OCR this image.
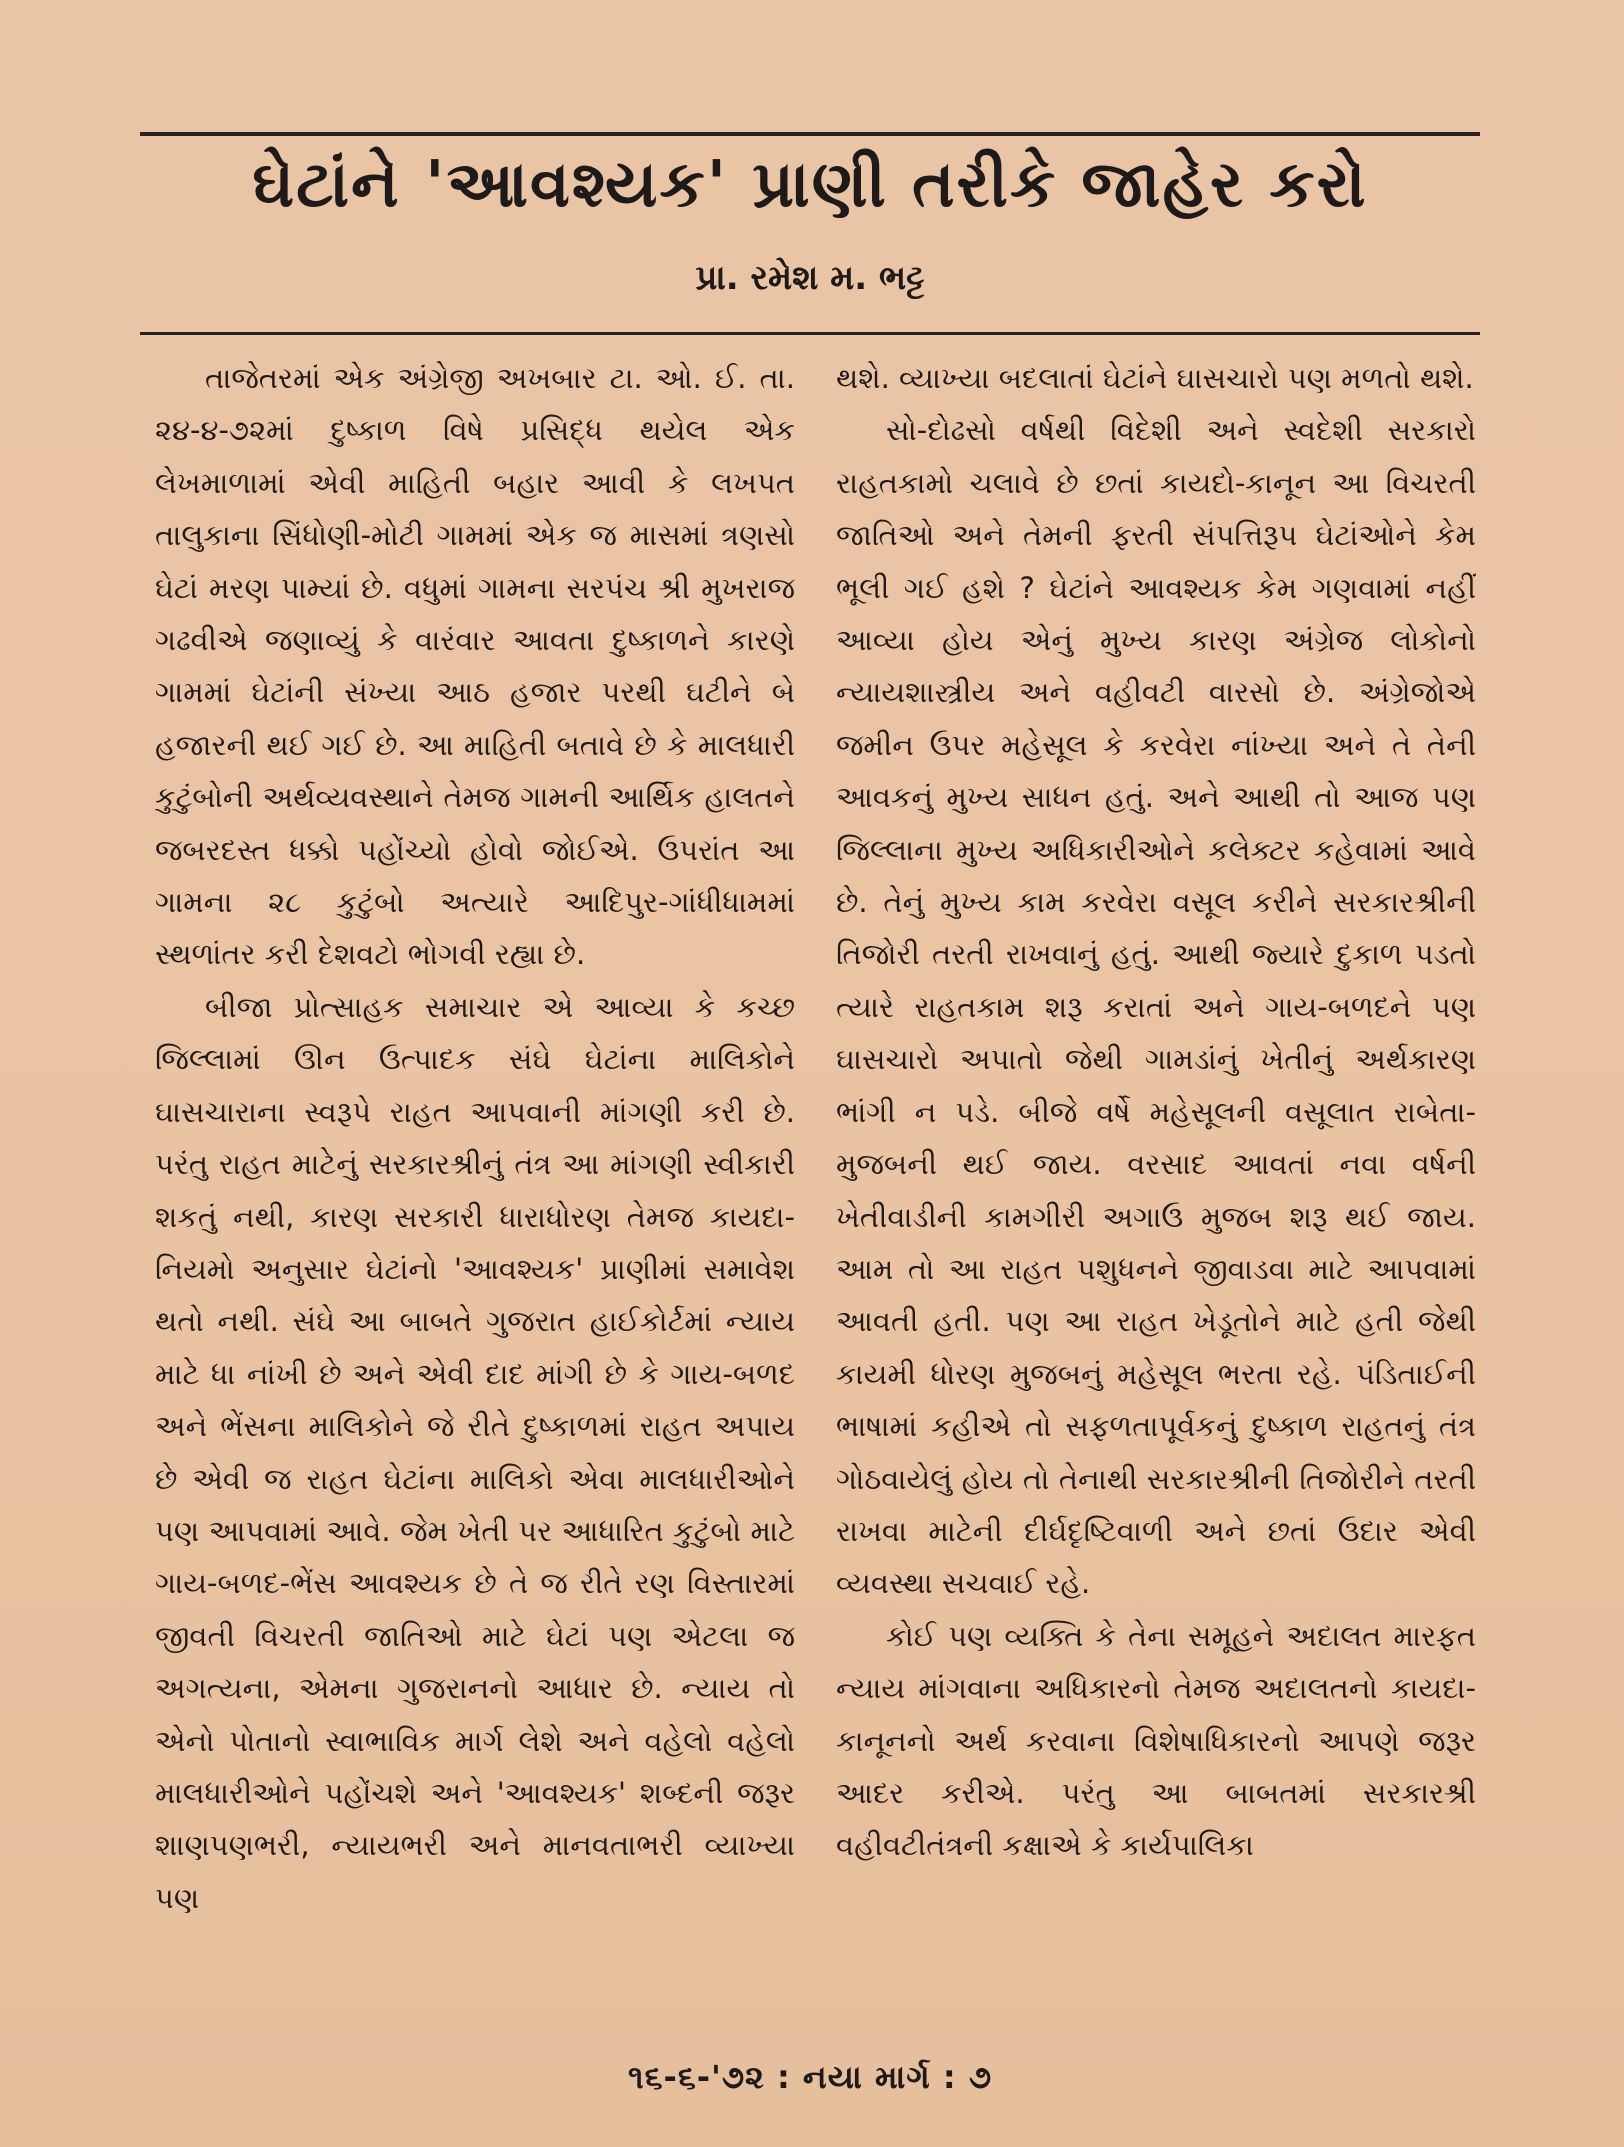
ઘેટાંને 'આવશ્યક' પ્રાણી તરીકે જાહેર કરો
પ્રા. રમેશ મ. ભટ્ટ

તાજેતરમાં એક અંગ્રેજી અખબાર ટા. ઓ. ઈ. તા. ૨૪-૪-૭૨માં દુષ્કાળ વિષે પ્રસિદ્ધ થયેલ એક લેખમાળામાં એવી માહિતી બહાર આવી કે લખપત તાલુકાના સિંધોણી-મોટી ગામમાં એક જ માસમાં ત્રણસો ઘેટાં મરણ પામ્યાં છે. વધુમાં ગામના સરપંચ શ્રી મુખરાજ ગઢવીએ જણાવ્યું કે વારંવાર આવતા દુષ્કાળને કારણે ગામમાં ઘેટાંની સંખ્યા આઠ હજાર પરથી ઘટીને બે હજારની થઈ ગઈ છે. આ માહિતી બતાવે છે કે માલધારી કુટુંબોની અર્થવ્યવસ્થાને તેમજ ગામની આર્થિક હાલતને જબરદસ્ત ધક્કો પહોંચ્યો હોવો જોઈએ. ઉપરાંત આ ગામના ૨૮ કુટુંબો અત્યારે આદિપુર-ગાંધીધામમાં સ્થળાંતર કરી દેશવટો ભોગવી રહ્યા છે.

બીજા પ્રોત્સાહક સમાચાર એ આવ્યા કે કચ્છ જિલ્લામાં ઊન ઉત્પાદક સંઘે ઘેટાંના માલિકોને ઘાસચારાના સ્વરૂપે રાહત આપવાની માંગણી કરી છે. પરંતુ રાહત માટેનું સરકારશ્રીનું તંત્ર આ માંગણી સ્વીકારી શકતું નથી, કારણ સરકારી ધારાધોરણ તેમજ કાયદા-નિયમો અનુસાર ઘેટાંનો 'આવશ્યક' પ્રાણીમાં સમાવેશ થતો નથી. સંઘે આ બાબતે ગુજરાત હાઈકોર્ટમાં ન્યાય માટે ધા નાંખી છે અને એવી દાદ માંગી છે કે ગાય-બળદ અને ભેંસના માલિકોને જે રીતે દુષ્કાળમાં રાહત અપાય છે એવી જ રાહત ઘેટાંના માલિકો એવા માલધારીઓને પણ આપવામાં આવે. જેમ ખેતી પર આધારિત કુટુંબો માટે ગાય-બળદ-ભેંસ આવશ્યક છે તે જ રીતે રણ વિસ્તારમાં જીવતી વિચરતી જાતિઓ માટે ઘેટાં પણ એટલા જ અગત્યના, એમના ગુજરાનનો આધાર છે. ન્યાય તો એનો પોતાનો સ્વાભાવિક માર્ગ લેશે અને વહેલો વહેલો માલધારીઓને પહોંચશે અને 'આવશ્યક' શબ્દની જરૂર શાણપણભરી, ન્યાયભરી અને માનવતાભરી વ્યાખ્યા પણ

થશે. વ્યાખ્યા બદલાતાં ઘેટાંને ઘાસચારો પણ મળતો થશે.

સો-દોઢસો વર્ષથી વિદેશી અને સ્વદેશી સરકારો રાહતકામો ચલાવે છે છતાં કાયદો-કાનૂન આ વિચરતી જાતિઓ અને તેમની ફરતી સંપત્તિરૂપ ઘેટાંઓને કેમ ભૂલી ગઈ હશે ? ઘેટાંને આવશ્યક કેમ ગણવામાં નહીં આવ્યા હોય એનું મુખ્ય કારણ અંગ્રેજ લોકોનો ન્યાયશાસ્ત્રીય અને વહીવટી વારસો છે. અંગ્રેજોએ જમીન ઉપર મહેસૂલ કે કરવેરા નાંખ્યા અને તે તેની આવકનું મુખ્ય સાધન હતું. અને આથી તો આજ પણ જિલ્લાના મુખ્ય અધિકારીઓને કલેક્ટર કહેવામાં આવે છે. તેનું મુખ્ય કામ કરવેરા વસૂલ કરીને સરકારશ્રીની તિજોરી તરતી રાખવાનું હતું. આથી જ્યારે દુકાળ પડતો ત્યારે રાહતકામ શરૂ કરાતાં અને ગાય-બળદને પણ ઘાસચારો અપાતો જેથી ગામડાંનું ખેતીનું અર્થકારણ ભાંગી ન પડે. બીજે વર્ષે મહેસૂલની વસૂલાત રાબેતા-મુજબની થઈ જાય. વરસાદ આવતાં નવા વર્ષની ખેતીવાડીની કામગીરી અગાઉ મુજબ શરૂ થઈ જાય. આમ તો આ રાહત પશુધનને જીવાડવા માટે આપવામાં આવતી હતી. પણ આ રાહત ખેડૂતોને માટે હતી જેથી કાયમી ધોરણ મુજબનું મહેસૂલ ભરતા રહે. પંડિતાઈની ભાષામાં કહીએ તો સફળતાપૂર્વકનું દુષ્કાળ રાહતનું તંત્ર ગોઠવાયેલું હોય તો તેનાથી સરકારશ્રીની તિજોરીને તરતી રાખવા માટેની દીર્ઘદૃષ્ટિવાળી અને છતાં ઉદાર એવી વ્યવસ્થા સચવાઈ રહે.

કોઈ પણ વ્યક્તિ કે તેના સમૂહને અદાલત મારફત ન્યાય માંગવાના અધિકારનો તેમજ અદાલતનો કાયદા-કાનૂનનો અર્થ કરવાના વિશેષાધિકારનો આપણે જરૂર આદર કરીએ. પરંતુ આ બાબતમાં સરકારશ્રી વહીવટીતંત્રની કક્ષાએ કે કાર્યપાલિકા

૧૬-૬-'૭૨ : નયા માર્ગ : ૭
